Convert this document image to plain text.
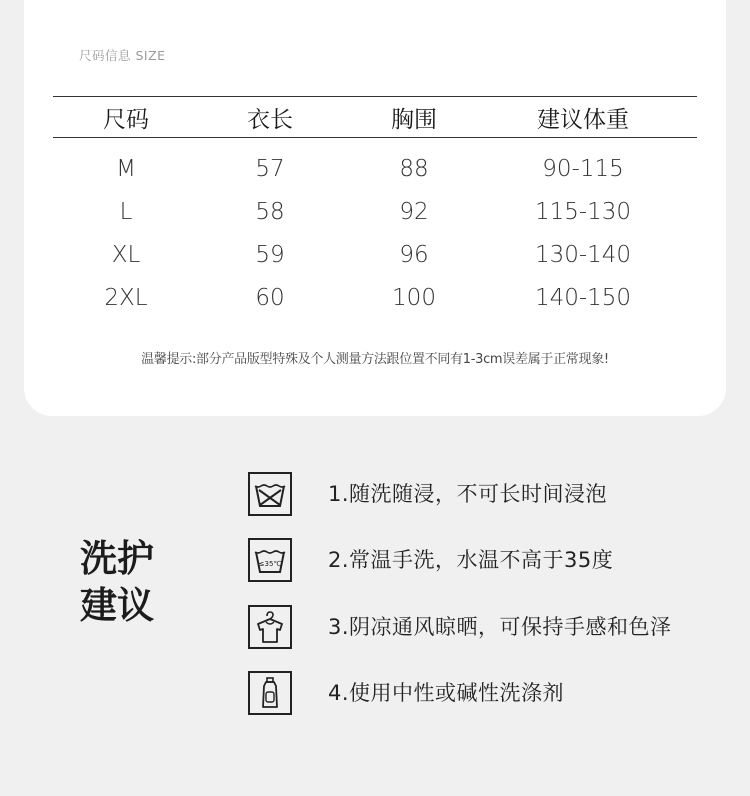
尺码信息 SIZE
尺码	衣长	胸围	建议体重
M	57	88	90-115
L	58	92	115-130
XL	59	96	130-140
2XL	60	100	140-150
温馨提示:部分产品版型特殊及个人测量方法跟位置不同有1-3cm误差属于正常现象!
洗护
建议
1.随洗随浸，不可长时间浸泡
≤35℃ 2.常温手洗，水温不高于35度
3.阴凉通风晾晒，可保持手感和色泽
4.使用中性或碱性洗涤剂
